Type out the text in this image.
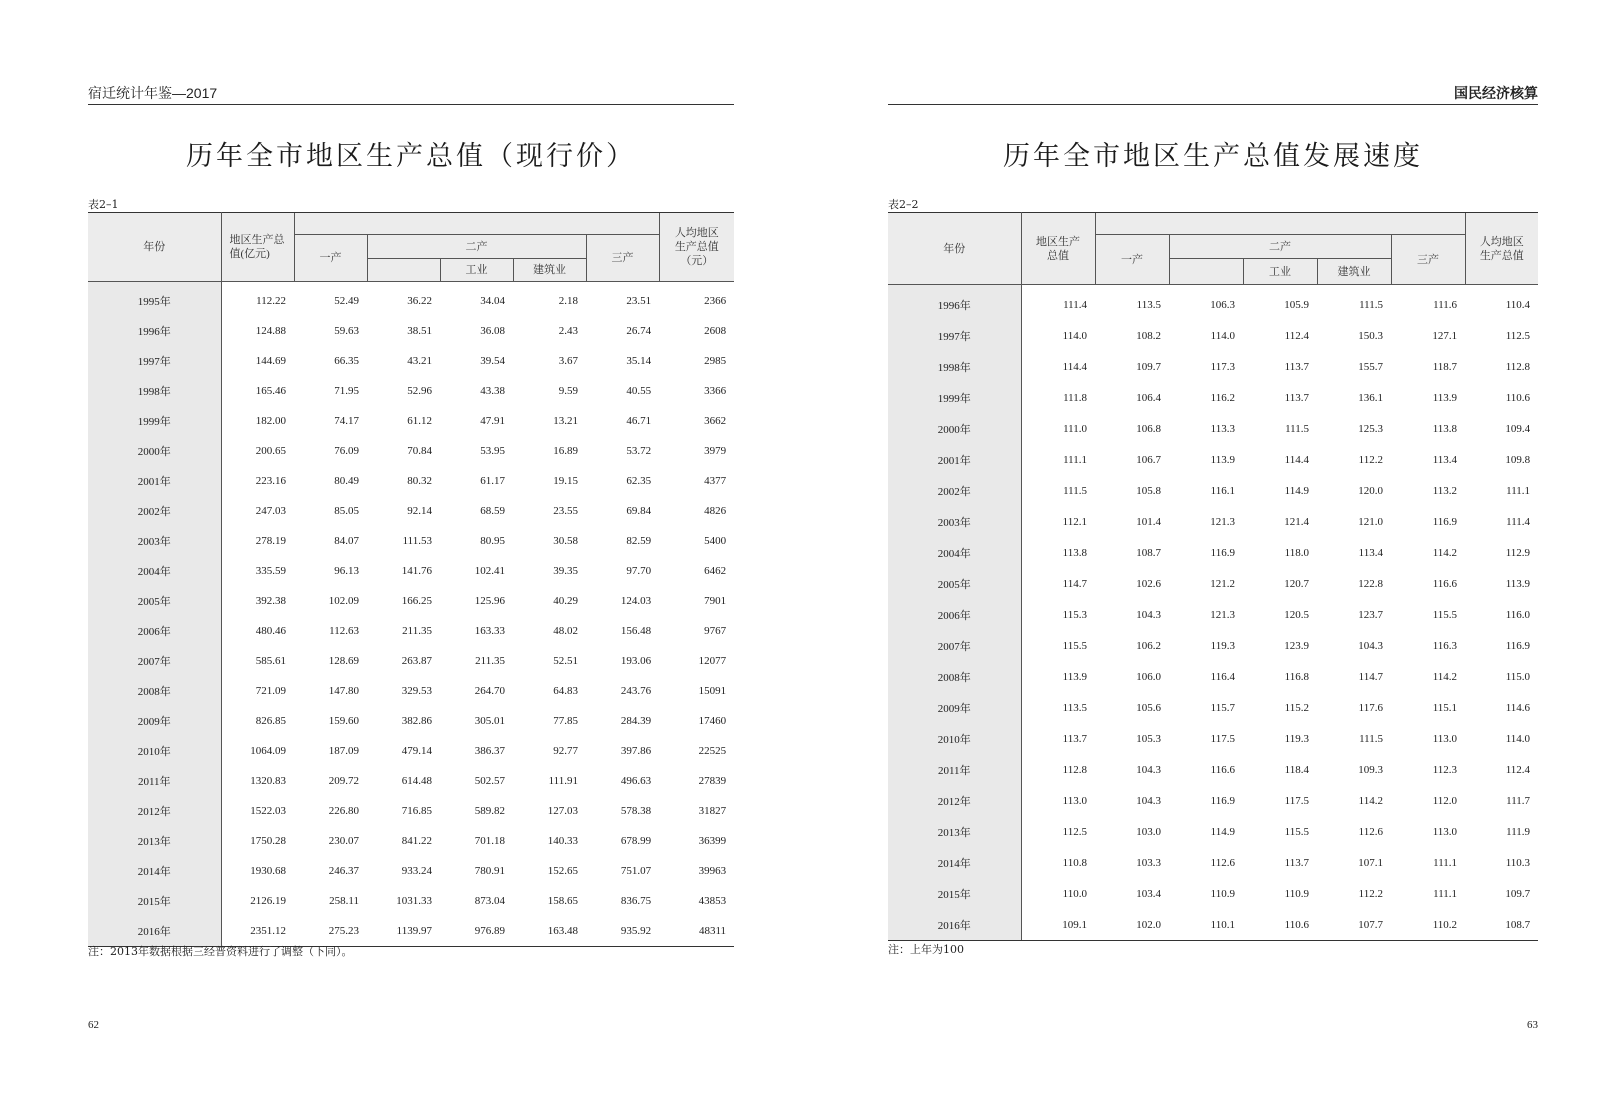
宿迁统计年鉴—2017
历年全市地区生产总值（现行价）
表2–1
年份	地区生产总值(亿元)						人均地区生产总值（元）

		一产	二产			三产	
				工业	建筑业		
1995年	112.22	52.49	36.22	34.04	2.18	23.51	2366
1996年	124.88	59.63	38.51	36.08	2.43	26.74	2608
1997年	144.69	66.35	43.21	39.54	3.67	35.14	2985
1998年	165.46	71.95	52.96	43.38	9.59	40.55	3366
1999年	182.00	74.17	61.12	47.91	13.21	46.71	3662
2000年	200.65	76.09	70.84	53.95	16.89	53.72	3979
2001年	223.16	80.49	80.32	61.17	19.15	62.35	4377
2002年	247.03	85.05	92.14	68.59	23.55	69.84	4826
2003年	278.19	84.07	111.53	80.95	30.58	82.59	5400
2004年	335.59	96.13	141.76	102.41	39.35	97.70	6462
2005年	392.38	102.09	166.25	125.96	40.29	124.03	7901
2006年	480.46	112.63	211.35	163.33	48.02	156.48	9767
2007年	585.61	128.69	263.87	211.35	52.51	193.06	12077
2008年	721.09	147.80	329.53	264.70	64.83	243.76	15091
2009年	826.85	159.60	382.86	305.01	77.85	284.39	17460
2010年	1064.09	187.09	479.14	386.37	92.77	397.86	22525
2011年	1320.83	209.72	614.48	502.57	111.91	496.63	27839
2012年	1522.03	226.80	716.85	589.82	127.03	578.38	31827
2013年	1750.28	230.07	841.22	701.18	140.33	678.99	36399
2014年	1930.68	246.37	933.24	780.91	152.65	751.07	39963
2015年	2126.19	258.11	1031.33	873.04	158.65	836.75	43853
2016年	2351.12	275.23	1139.97	976.89	163.48	935.92	48311
注：2013年数据根据三经普资料进行了调整（下同）。
62
国民经济核算
历年全市地区生产总值发展速度
表2–2
年份	地区生产总值						人均地区生产总值

		一产	二产			三产	
				工业	建筑业		
1996年	111.4	113.5	106.3	105.9	111.5	111.6	110.4
1997年	114.0	108.2	114.0	112.4	150.3	127.1	112.5
1998年	114.4	109.7	117.3	113.7	155.7	118.7	112.8
1999年	111.8	106.4	116.2	113.7	136.1	113.9	110.6
2000年	111.0	106.8	113.3	111.5	125.3	113.8	109.4
2001年	111.1	106.7	113.9	114.4	112.2	113.4	109.8
2002年	111.5	105.8	116.1	114.9	120.0	113.2	111.1
2003年	112.1	101.4	121.3	121.4	121.0	116.9	111.4
2004年	113.8	108.7	116.9	118.0	113.4	114.2	112.9
2005年	114.7	102.6	121.2	120.7	122.8	116.6	113.9
2006年	115.3	104.3	121.3	120.5	123.7	115.5	116.0
2007年	115.5	106.2	119.3	123.9	104.3	116.3	116.9
2008年	113.9	106.0	116.4	116.8	114.7	114.2	115.0
2009年	113.5	105.6	115.7	115.2	117.6	115.1	114.6
2010年	113.7	105.3	117.5	119.3	111.5	113.0	114.0
2011年	112.8	104.3	116.6	118.4	109.3	112.3	112.4
2012年	113.0	104.3	116.9	117.5	114.2	112.0	111.7
2013年	112.5	103.0	114.9	115.5	112.6	113.0	111.9
2014年	110.8	103.3	112.6	113.7	107.1	111.1	110.3
2015年	110.0	103.4	110.9	110.9	112.2	111.1	109.7
2016年	109.1	102.0	110.1	110.6	107.7	110.2	108.7
注：上年为100
63
